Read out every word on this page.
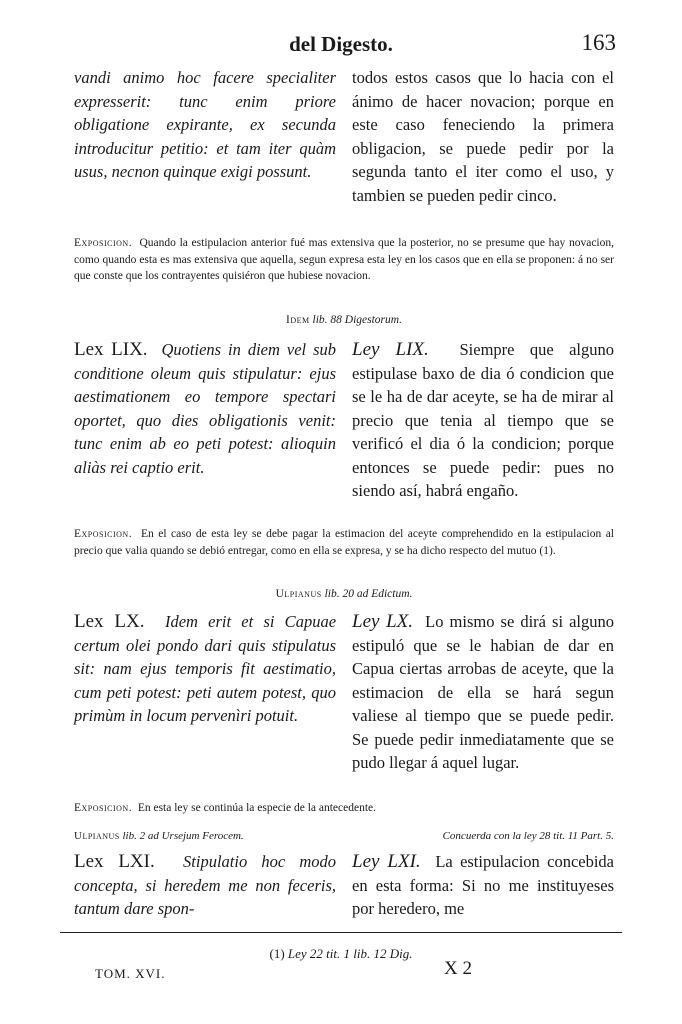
del Digesto.	163
vandi animo hoc facere specialiter expresserit: tunc enim priore obligatione expirante, ex secunda introducitur petitio: et tam iter quàm usus, necnon quinque exigi possunt.
todos estos casos que lo hacia con el ánimo de hacer novacion; porque en este caso feneciendo la primera obligacion, se puede pedir por la segunda tanto el iter como el uso, y tambien se pueden pedir cinco.
Exposicion. Quando la estipulacion anterior fué mas extensiva que la posterior, no se presume que hay novacion, como quando esta es mas extensiva que aquella, segun expresa esta ley en los casos que en ella se proponen: á no ser que conste que los contrayentes quisiéron que hubiese novacion.
Idem lib. 88 Digestorum.
Lex LIX. Quotiens in diem vel sub conditione oleum quis stipulatur: ejus aestimationem eo tempore spectari oportet, quo dies obligationis venit: tunc enim ab eo peti potest: alioquin aliàs rei captio erit.
Ley LIX. Siempre que alguno estipulase baxo de dia ó condicion que se le ha de dar aceyte, se ha de mirar al precio que tenia al tiempo que se verificó el dia ó la condicion; porque entonces se puede pedir: pues no siendo así, habrá engaño.
Exposicion. En el caso de esta ley se debe pagar la estimacion del aceyte comprehendido en la estipulacion al precio que valia quando se debió entregar, como en ella se expresa, y se ha dicho respecto del mutuo (1).
Ulpianus lib. 20 ad Edictum.
Lex LX. Idem erit et si Capuae certum olei pondo dari quis stipulatus sit: nam ejus temporis fit aestimatio, cum peti potest: peti autem potest, quo primùm in locum pervenìri potuit.
Ley LX. Lo mismo se dirá si alguno estipuló que se le habian de dar en Capua ciertas arrobas de aceyte, que la estimacion de ella se hará segun valiese al tiempo que se puede pedir. Se puede pedir inmediatamente que se pudo llegar á aquel lugar.
Exposicion. En esta ley se continúa la especie de la antecedente.
Ulpianus lib. 2 ad Ursejum Ferocem.	Concuerda con la ley 28 tit. 11 Part. 5.
Lex LXI. Stipulatio hoc modo concepta, si heredem me non feceris, tantum dare spon-
Ley LXI. La estipulacion concebida en esta forma: Si no me instituyeses por heredero, me
(1) Ley 22 tit. 1 lib. 12 Dig.
TOM. XVI.	X 2
